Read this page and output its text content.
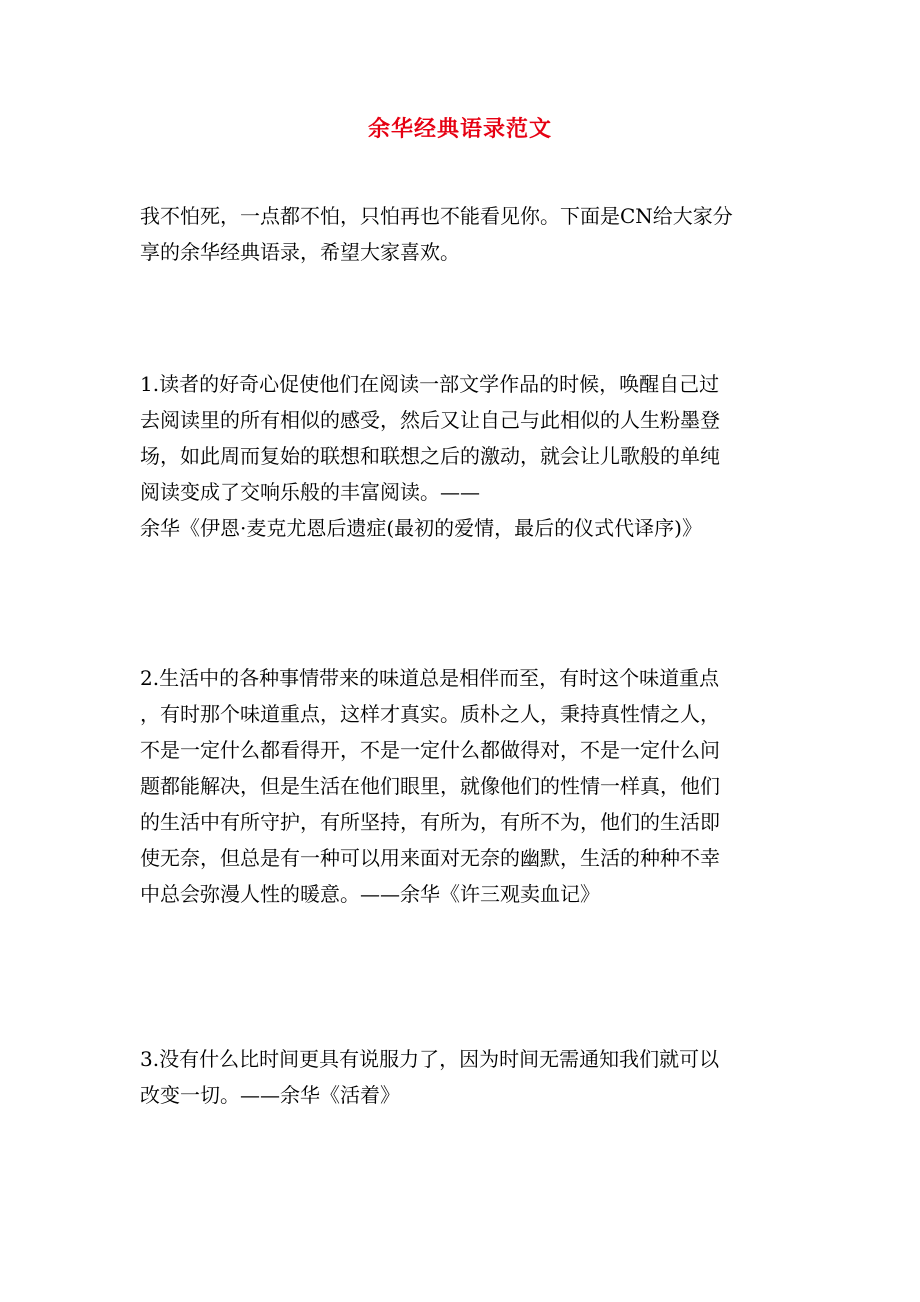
余华经典语录范文

我不怕死，一点都不怕，只怕再也不能看见你。下面是CN给大家分
享的余华经典语录，希望大家喜欢。

1.读者的好奇心促使他们在阅读一部文学作品的时候，唤醒自己过
去阅读里的所有相似的感受，然后又让自己与此相似的人生粉墨登
场，如此周而复始的联想和联想之后的激动，就会让儿歌般的单纯
阅读变成了交响乐般的丰富阅读。——
余华《伊恩·麦克尤恩后遗症(最初的爱情，最后的仪式代译序)》

2.生活中的各种事情带来的味道总是相伴而至，有时这个味道重点
，有时那个味道重点，这样才真实。质朴之人，秉持真性情之人，
不是一定什么都看得开，不是一定什么都做得对，不是一定什么问
题都能解决，但是生活在他们眼里，就像他们的性情一样真，他们
的生活中有所守护，有所坚持，有所为，有所不为，他们的生活即
使无奈，但总是有一种可以用来面对无奈的幽默，生活的种种不幸
中总会弥漫人性的暖意。——余华《许三观卖血记》

3.没有什么比时间更具有说服力了，因为时间无需通知我们就可以
改变一切。——余华《活着》
